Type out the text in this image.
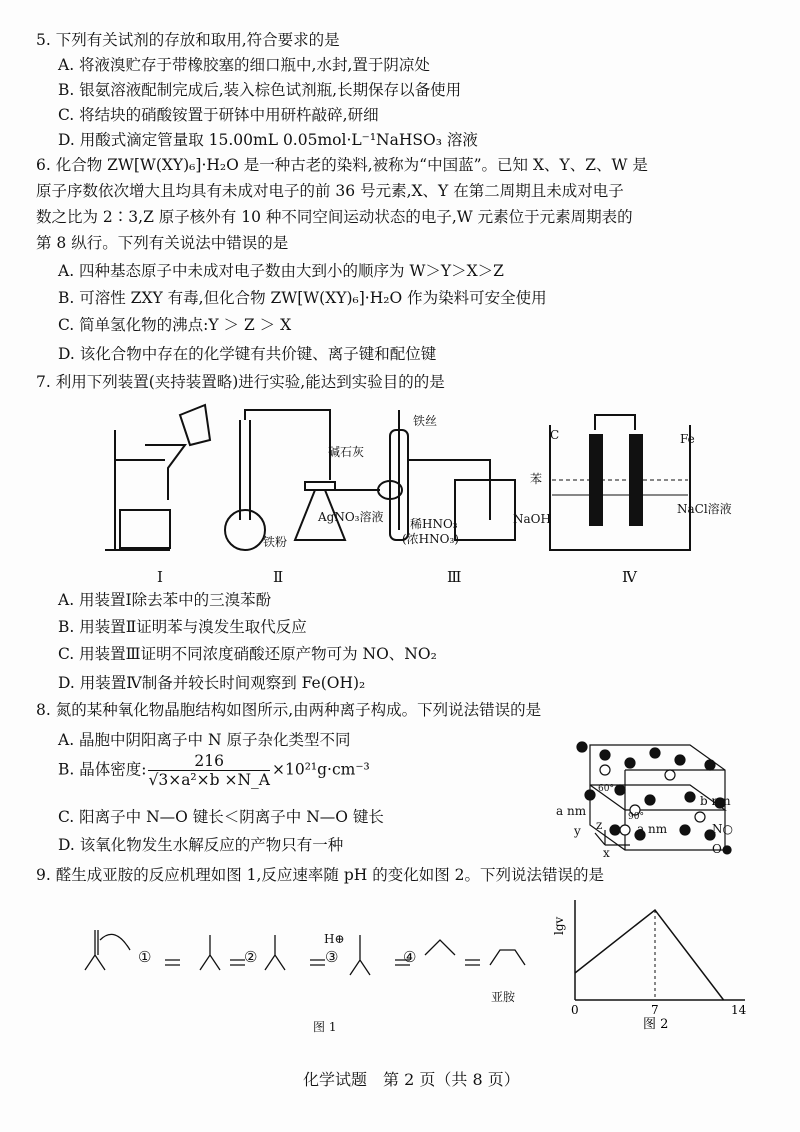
5. 下列有关试剂的存放和取用,符合要求的是
A. 将液溴贮存于带橡胶塞的细口瓶中,水封,置于阴凉处
B. 银氨溶液配制完成后,装入棕色试剂瓶,长期保存以备使用
C. 将结块的硝酸铵置于研钵中用研杵敲碎,研细
D. 用酸式滴定管量取 15.00mL 0.05mol·L⁻¹NaHSO₃ 溶液
6. 化合物 ZW[W(XY)₆]·H₂O 是一种古老的染料,被称为“中国蓝”。已知 X、Y、Z、W 是
原子序数依次增大且均具有未成对电子的前 36 号元素,X、Y 在第二周期且未成对电子
数之比为 2∶3,Z 原子核外有 10 种不同空间运动状态的电子,W 元素位于元素周期表的
第 8 纵行。下列有关说法中错误的是
A. 四种基态原子中未成对电子数由大到小的顺序为 W＞Y＞X＞Z
B. 可溶性 ZXY 有毒,但化合物 ZW[W(XY)₆]·H₂O 作为染料可安全使用
C. 简单氢化物的沸点:Y ＞ Z ＞ X
D. 该化合物中存在的化学键有共价键、离子键和配位键
7. 利用下列装置(夹持装置略)进行实验,能达到实验目的的是
铁丝
碱石灰
AgNO₃溶液
铁粉
稀HNO₃
(浓HNO₃)
NaOH
C	Fe
苯
NaCl溶液
Ⅰ	Ⅱ	Ⅲ	Ⅳ
A. 用装置Ⅰ除去苯中的三溴苯酚
B. 用装置Ⅱ证明苯与溴发生取代反应
C. 用装置Ⅲ证明不同浓度硝酸还原产物可为 NO、NO₂
D. 用装置Ⅳ制备并较长时间观察到 Fe(OH)₂
8. 氮的某种氧化物晶胞结构如图所示,由两种离子构成。下列说法错误的是
A. 晶胞中阴阳离子中 N 原子杂化类型不同
B. 晶体密度: $\frac{216}{\text{√3×a²×b ×N\_A}} \times 10^{21}g\cdot cm^{-3}$
C. 阳离子中 N—O 键长＜阴离子中 N—O 键长
D. 该氧化物发生水解反应的产物只有一种
b nm
a nm
a nm
60°
90°
y z
x
N○
O●
9. 醛生成亚胺的反应机理如图 1,反应速率随 pH 的变化如图 2。下列说法错误的是
①	②
H⊕
③	④
亚胺
图 1
0	7	14
lgv
图 2
化学试题　第 2 页（共 8 页）
